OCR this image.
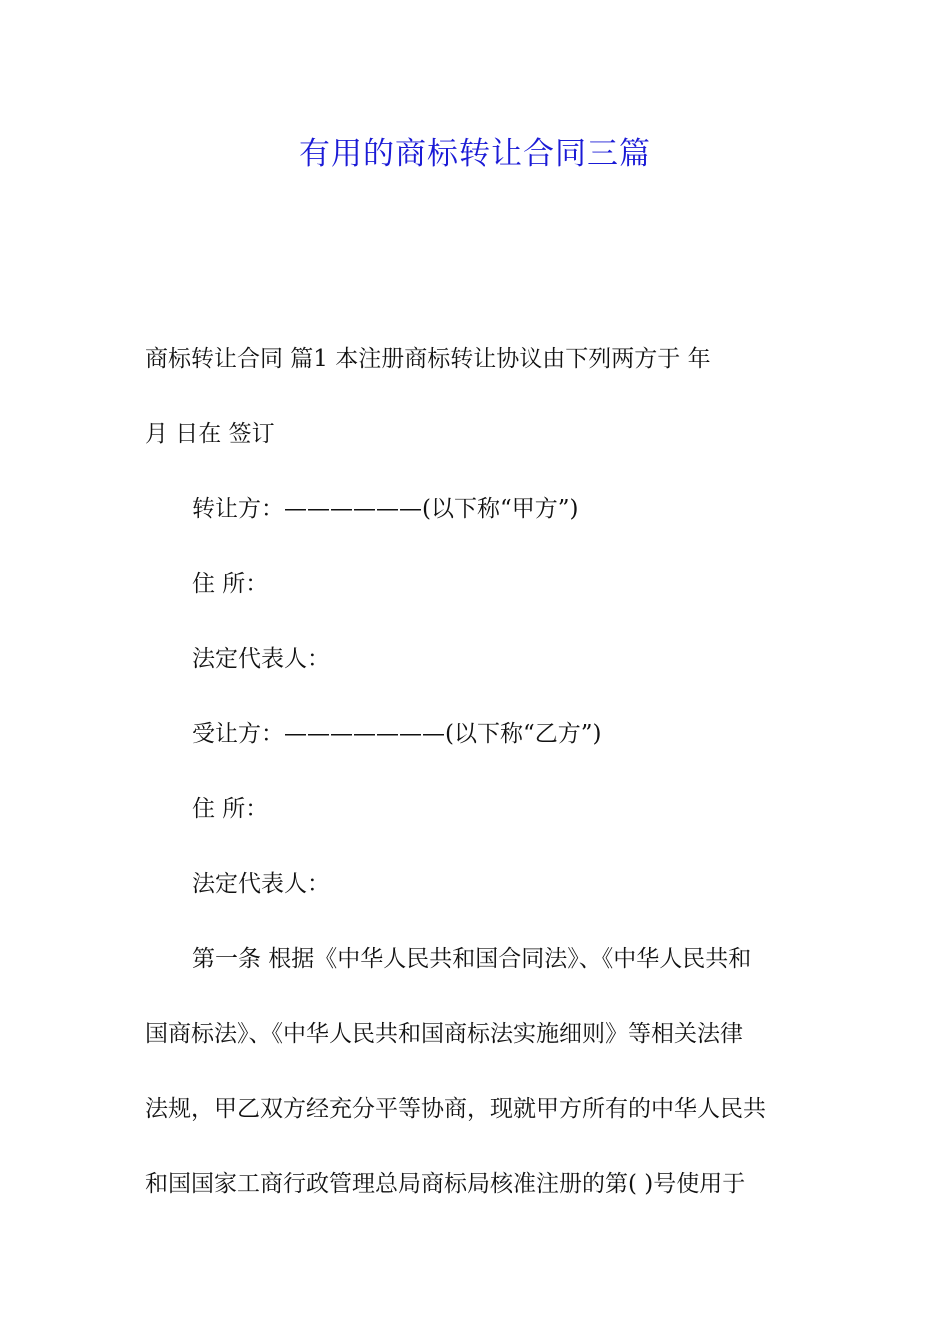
有用的商标转让合同三篇
商标转让合同 篇1 本注册商标转让协议由下列两方于 年
月 日在 签订
转让方：——————(以下称“甲方”)
住 所：
法定代表人：
受让方：———————(以下称“乙方”)
住 所：
法定代表人：
第一条 根据《中华人民共和国合同法》、《中华人民共和
国商标法》、《中华人民共和国商标法实施细则》等相关法律
法规，甲乙双方经充分平等协商，现就甲方所有的中华人民共
和国国家工商行政管理总局商标局核准注册的第( )号使用于
